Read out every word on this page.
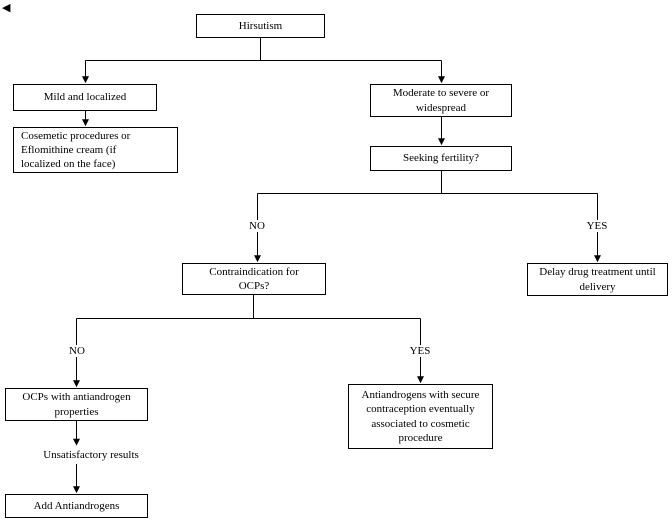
◀
Hirsutism
Mild and localized
Cosemetic procedures or
Eflomithine cream (if
localized on the face)
Moderate to severe or
widespread
Seeking fertility?
Contraindication for
OCPs?
Delay drug treatment until
delivery
OCPs with antiandrogen
properties
Antiandrogens with secure
contraception eventually
associated to cosmetic
procedure
Add Antiandrogens
NO	YES
NO	YES
Unsatisfactory results
